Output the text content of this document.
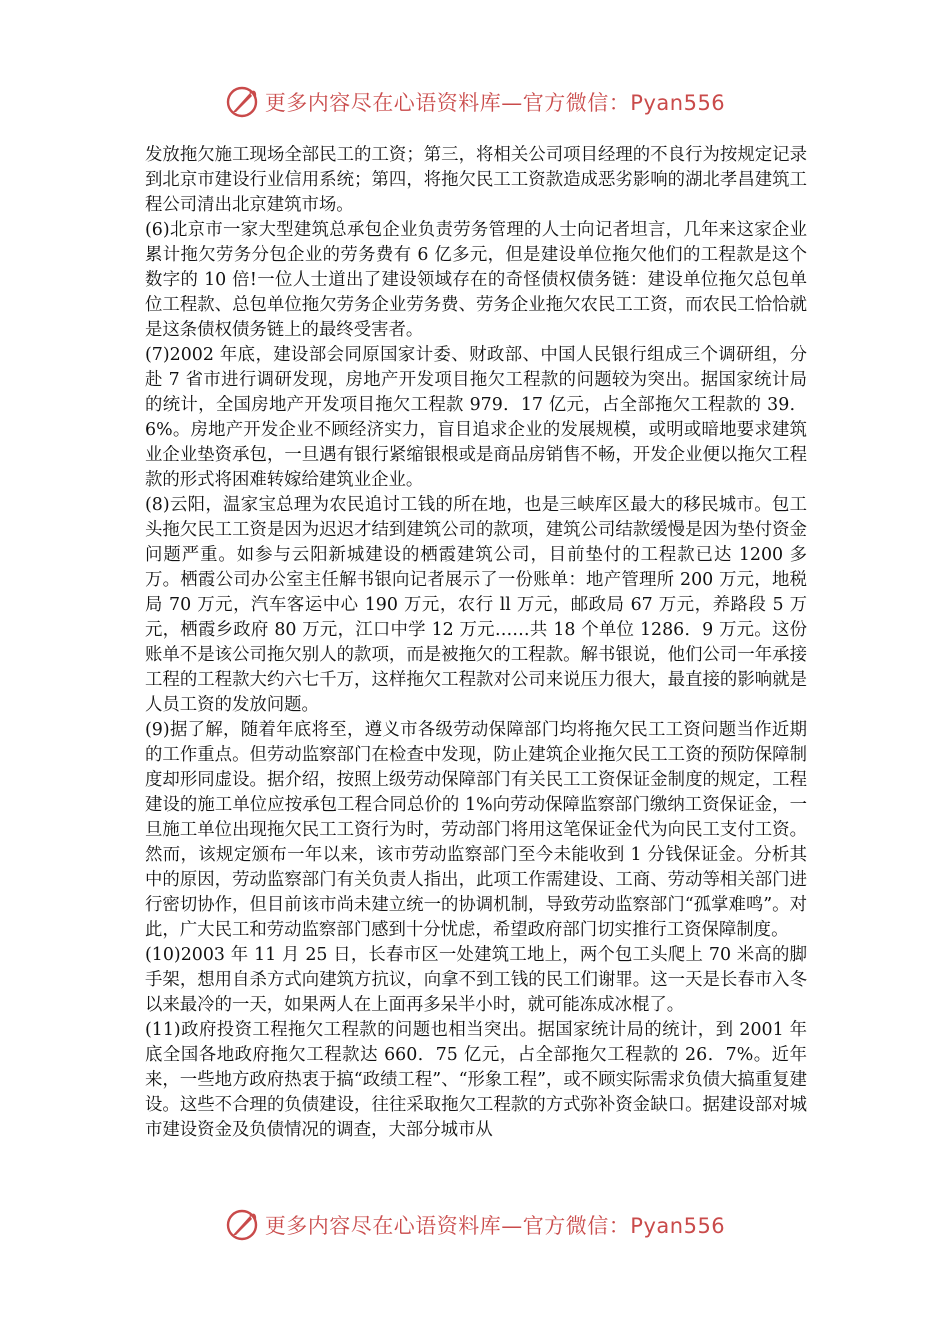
更多内容尽在心语资料库—官方微信：Pyan556

发放拖欠施工现场全部民工的工资；第三，将相关公司项目经理的不良行为按规定记录到北京市建设行业信用系统；第四，将拖欠民工工资款造成恶劣影响的湖北孝昌建筑工程公司清出北京建筑市场。

(6)北京市一家大型建筑总承包企业负责劳务管理的人士向记者坦言，几年来这家企业累计拖欠劳务分包企业的劳务费有 6 亿多元，但是建设单位拖欠他们的工程款是这个数字的 10 倍!一位人士道出了建设领域存在的奇怪债权债务链：建设单位拖欠总包单位工程款、总包单位拖欠劳务企业劳务费、劳务企业拖欠农民工工资，而农民工恰恰就是这条债权债务链上的最终受害者。

(7)2002 年底，建设部会同原国家计委、财政部、中国人民银行组成三个调研组，分赴 7 省市进行调研发现，房地产开发项目拖欠工程款的问题较为突出。据国家统计局的统计，全国房地产开发项目拖欠工程款 979．17 亿元，占全部拖欠工程款的 39．6%。房地产开发企业不顾经济实力，盲目追求企业的发展规模，或明或暗地要求建筑业企业垫资承包，一旦遇有银行紧缩银根或是商品房销售不畅，开发企业便以拖欠工程款的形式将困难转嫁给建筑业企业。

(8)云阳，温家宝总理为农民追讨工钱的所在地，也是三峡库区最大的移民城市。包工头拖欠民工工资是因为迟迟才结到建筑公司的款项，建筑公司结款缓慢是因为垫付资金问题严重。如参与云阳新城建设的栖霞建筑公司，目前垫付的工程款已达 1200 多万。栖霞公司办公室主任解书银向记者展示了一份账单：地产管理所 200 万元，地税局 70 万元，汽车客运中心 190 万元，农行 ll 万元，邮政局 67 万元，养路段 5 万元，栖霞乡政府 80 万元，江口中学 12 万元……共 18 个单位 1286．9 万元。这份账单不是该公司拖欠别人的款项，而是被拖欠的工程款。解书银说，他们公司一年承接工程的工程款大约六七千万，这样拖欠工程款对公司来说压力很大，最直接的影响就是人员工资的发放问题。

(9)据了解，随着年底将至，遵义市各级劳动保障部门均将拖欠民工工资问题当作近期的工作重点。但劳动监察部门在检查中发现，防止建筑企业拖欠民工工资的预防保障制度却形同虚设。据介绍，按照上级劳动保障部门有关民工工资保证金制度的规定，工程建设的施工单位应按承包工程合同总价的 1%向劳动保障监察部门缴纳工资保证金，一旦施工单位出现拖欠民工工资行为时，劳动部门将用这笔保证金代为向民工支付工资。然而，该规定颁布一年以来，该市劳动监察部门至今未能收到 1 分钱保证金。分析其中的原因，劳动监察部门有关负责人指出，此项工作需建设、工商、劳动等相关部门进行密切协作，但目前该市尚未建立统一的协调机制，导致劳动监察部门“孤掌难鸣”。对此，广大民工和劳动监察部门感到十分忧虑，希望政府部门切实推行工资保障制度。

(10)2003 年 11 月 25 日，长春市区一处建筑工地上，两个包工头爬上 70 米高的脚手架，想用自杀方式向建筑方抗议，向拿不到工钱的民工们谢罪。这一天是长春市入冬以来最冷的一天，如果两人在上面再多呆半小时，就可能冻成冰棍了。

(11)政府投资工程拖欠工程款的问题也相当突出。据国家统计局的统计，到 2001 年底全国各地政府拖欠工程款达 660．75 亿元，占全部拖欠工程款的 26．7%。近年来，一些地方政府热衷于搞“政绩工程”、“形象工程”，或不顾实际需求负债大搞重复建设。这些不合理的负债建设，往往采取拖欠工程款的方式弥补资金缺口。据建设部对城市建设资金及负债情况的调查，大部分城市从

更多内容尽在心语资料库—官方微信：Pyan556
